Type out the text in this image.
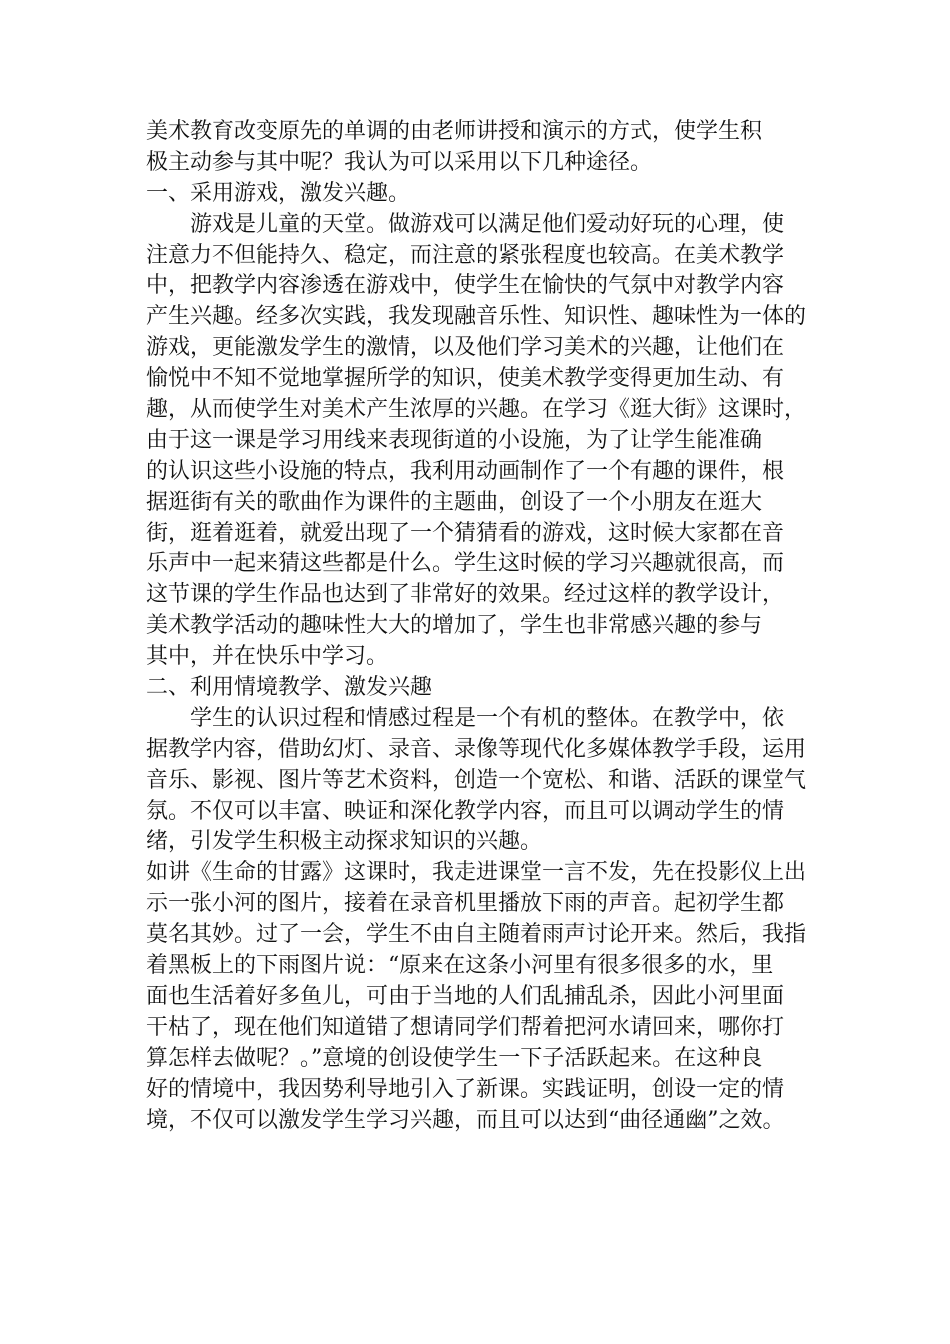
美术教育改变原先的单调的由老师讲授和演示的方式，使学生积
极主动参与其中呢？我认为可以采用以下几种途径。
一、采用游戏，激发兴趣。
游戏是儿童的天堂。做游戏可以满足他们爱动好玩的心理，使
注意力不但能持久、稳定，而注意的紧张程度也较高。在美术教学
中，把教学内容渗透在游戏中，使学生在愉快的气氛中对教学内容
产生兴趣。经多次实践，我发现融音乐性、知识性、趣味性为一体的
游戏，更能激发学生的激情，以及他们学习美术的兴趣，让他们在
愉悦中不知不觉地掌握所学的知识，使美术教学变得更加生动、有
趣，从而使学生对美术产生浓厚的兴趣。在学习《逛大街》这课时，
由于这一课是学习用线来表现街道的小设施，为了让学生能准确
的认识这些小设施的特点，我利用动画制作了一个有趣的课件，根
据逛街有关的歌曲作为课件的主题曲，创设了一个小朋友在逛大
街，逛着逛着，就爱出现了一个猜猜看的游戏，这时候大家都在音
乐声中一起来猜这些都是什么。学生这时候的学习兴趣就很高，而
这节课的学生作品也达到了非常好的效果。经过这样的教学设计，
美术教学活动的趣味性大大的增加了，学生也非常感兴趣的参与
其中，并在快乐中学习。
二、利用情境教学、激发兴趣
学生的认识过程和情感过程是一个有机的整体。在教学中，依
据教学内容，借助幻灯、录音、录像等现代化多媒体教学手段，运用
音乐、影视、图片等艺术资料，创造一个宽松、和谐、活跃的课堂气
氛。不仅可以丰富、映证和深化教学内容，而且可以调动学生的情
绪，引发学生积极主动探求知识的兴趣。
如讲《生命的甘露》这课时，我走进课堂一言不发，先在投影仪上出
示一张小河的图片，接着在录音机里播放下雨的声音。起初学生都
莫名其妙。过了一会，学生不由自主随着雨声讨论开来。然后，我指
着黑板上的下雨图片说：“原来在这条小河里有很多很多的水，里
面也生活着好多鱼儿，可由于当地的人们乱捕乱杀，因此小河里面
干枯了，现在他们知道错了想请同学们帮着把河水请回来，哪你打
算怎样去做呢？。”意境的创设使学生一下子活跃起来。在这种良
好的情境中，我因势利导地引入了新课。实践证明，创设一定的情
境，不仅可以激发学生学习兴趣，而且可以达到“曲径通幽”之效。
